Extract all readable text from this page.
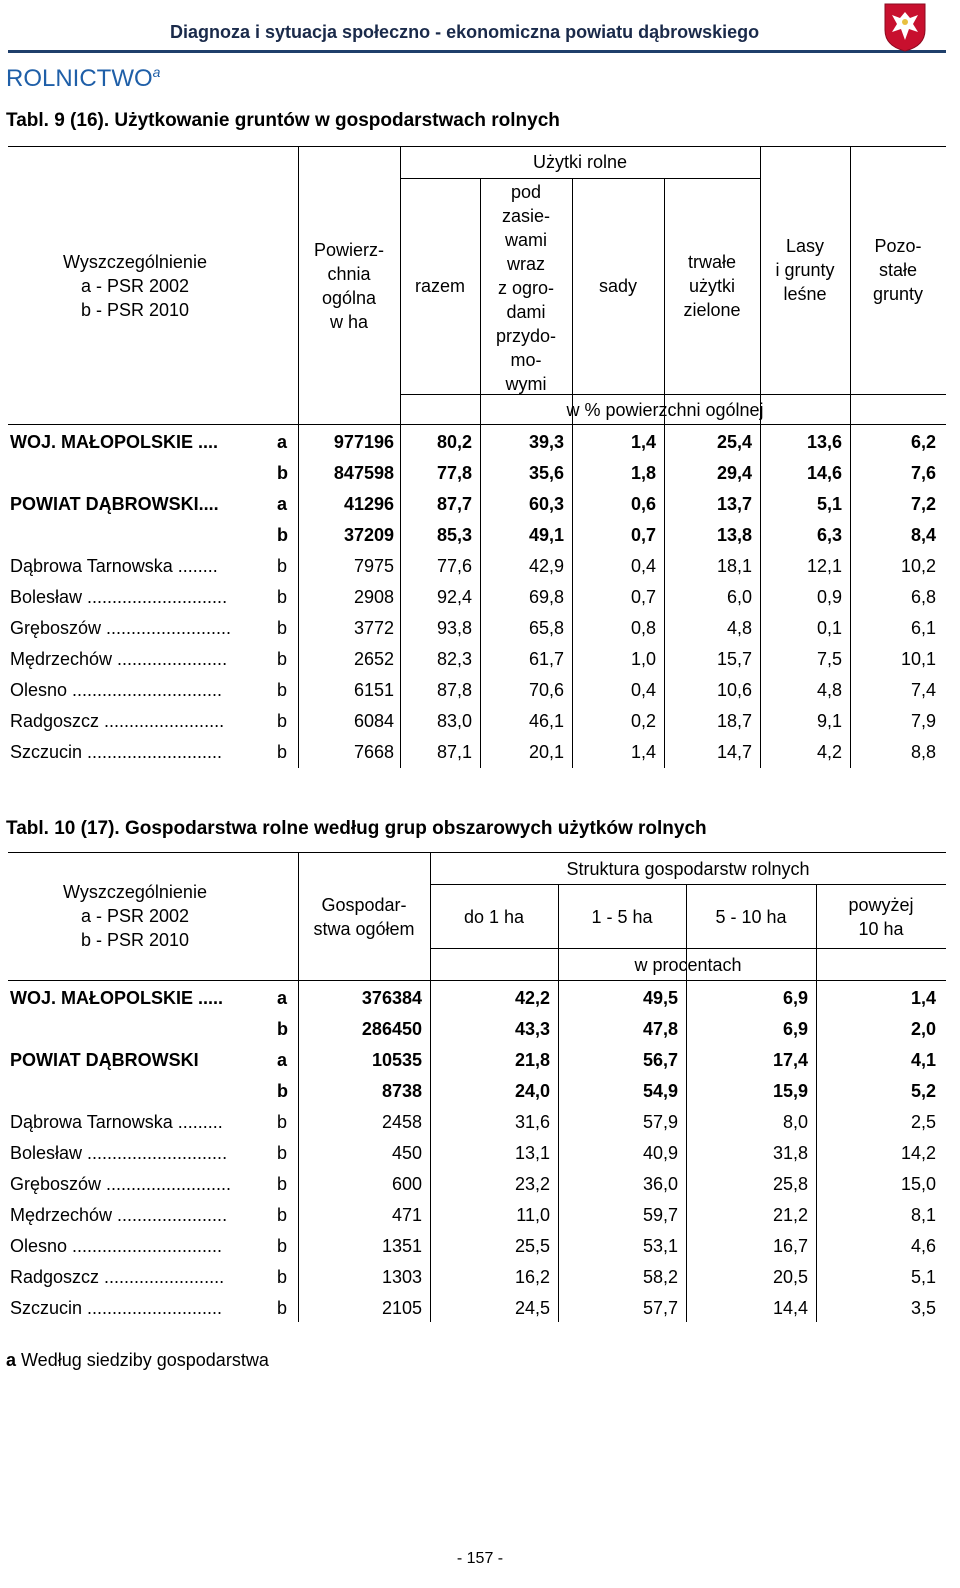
Diagnoza i sytuacja społeczno - ekonomiczna powiatu dąbrowskiego
ROLNICTWO$^a$
Tabl. 9 (16). Użytkowanie gruntów w gospodarstwach rolnych
Wyszczególnienie
a - PSR 2002
b - PSR 2010
Powierz-
chnia
ogólna
w ha
Użytki rolne
razem
pod
zasie-
wami
wraz
z ogro-
dami
przydo-
mo-
wymi
sady
trwałe
użytki
zielone
Lasy
i grunty
leśne
Pozo-
stałe
grunty
w % powierzchni ogólnej
WOJ. MAŁOPOLSKIE ....	a	977196	80,2	39,3	1,4	25,4	13,6	6,2
b	847598	77,8	35,6	1,8	29,4	14,6	7,6
POWIAT DĄBROWSKI....	a	41296	87,7	60,3	0,6	13,7	5,1	7,2
b	37209	85,3	49,1	0,7	13,8	6,3	8,4
Dąbrowa Tarnowska ........	b	7975	77,6	42,9	0,4	18,1	12,1	10,2
Bolesław ............................	b	2908	92,4	69,8	0,7	6,0	0,9	6,8
Gręboszów .........................	b	3772	93,8	65,8	0,8	4,8	0,1	6,1
Mędrzechów ......................	b	2652	82,3	61,7	1,0	15,7	7,5	10,1
Olesno ..............................	b	6151	87,8	70,6	0,4	10,6	4,8	7,4
Radgoszcz ........................	b	6084	83,0	46,1	0,2	18,7	9,1	7,9
Szczucin ...........................	b	7668	87,1	20,1	1,4	14,7	4,2	8,8
Tabl. 10 (17). Gospodarstwa rolne według grup obszarowych użytków rolnych
Wyszczególnienie
a - PSR 2002
b - PSR 2010
Gospodar-
stwa ogółem
Struktura gospodarstw rolnych
do 1 ha	1 - 5 ha	5 - 10 ha
powyżej
10 ha
w procentach
WOJ. MAŁOPOLSKIE .....	a	376384	42,2	49,5	6,9	1,4
b	286450	43,3	47,8	6,9	2,0
POWIAT DĄBROWSKI	a	10535	21,8	56,7	17,4	4,1
b	8738	24,0	54,9	15,9	5,2
Dąbrowa Tarnowska .........	b	2458	31,6	57,9	8,0	2,5
Bolesław ............................	b	450	13,1	40,9	31,8	14,2
Gręboszów .........................	b	600	23,2	36,0	25,8	15,0
Mędrzechów ......................	b	471	11,0	59,7	21,2	8,1
Olesno ..............................	b	1351	25,5	53,1	16,7	4,6
Radgoszcz ........................	b	1303	16,2	58,2	20,5	5,1
Szczucin ...........................	b	2105	24,5	57,7	14,4	3,5
a Według siedziby gospodarstwa
- 157 -
